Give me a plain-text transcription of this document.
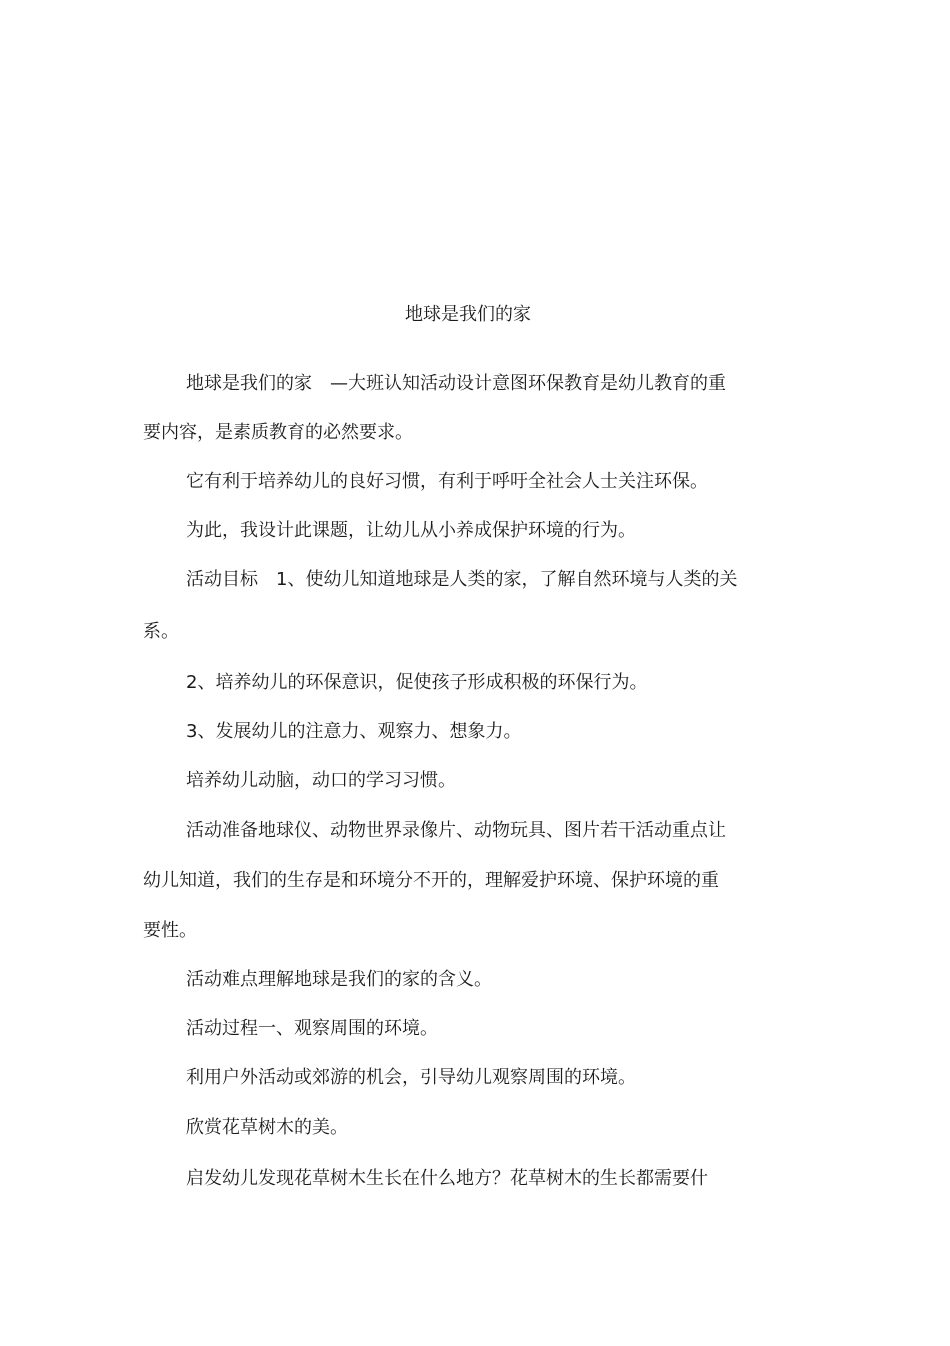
地球是我们的家
地球是我们的家　—大班认知活动设计意图环保教育是幼儿教育的重
要内容，是素质教育的必然要求。
它有利于培养幼儿的良好习惯，有利于呼吁全社会人士关注环保。
为此，我设计此课题，让幼儿从小养成保护环境的行为。
活动目标　1、使幼儿知道地球是人类的家，了解自然环境与人类的关
系。
2、培养幼儿的环保意识，促使孩子形成积极的环保行为。
3、发展幼儿的注意力、观察力、想象力。
培养幼儿动脑，动口的学习习惯。
活动准备地球仪、动物世界录像片、动物玩具、图片若干活动重点让
幼儿知道，我们的生存是和环境分不开的，理解爱护环境、保护环境的重
要性。
活动难点理解地球是我们的家的含义。
活动过程一、观察周围的环境。
利用户外活动或郊游的机会，引导幼儿观察周围的环境。
欣赏花草树木的美。
启发幼儿发现花草树木生长在什么地方？花草树木的生长都需要什
